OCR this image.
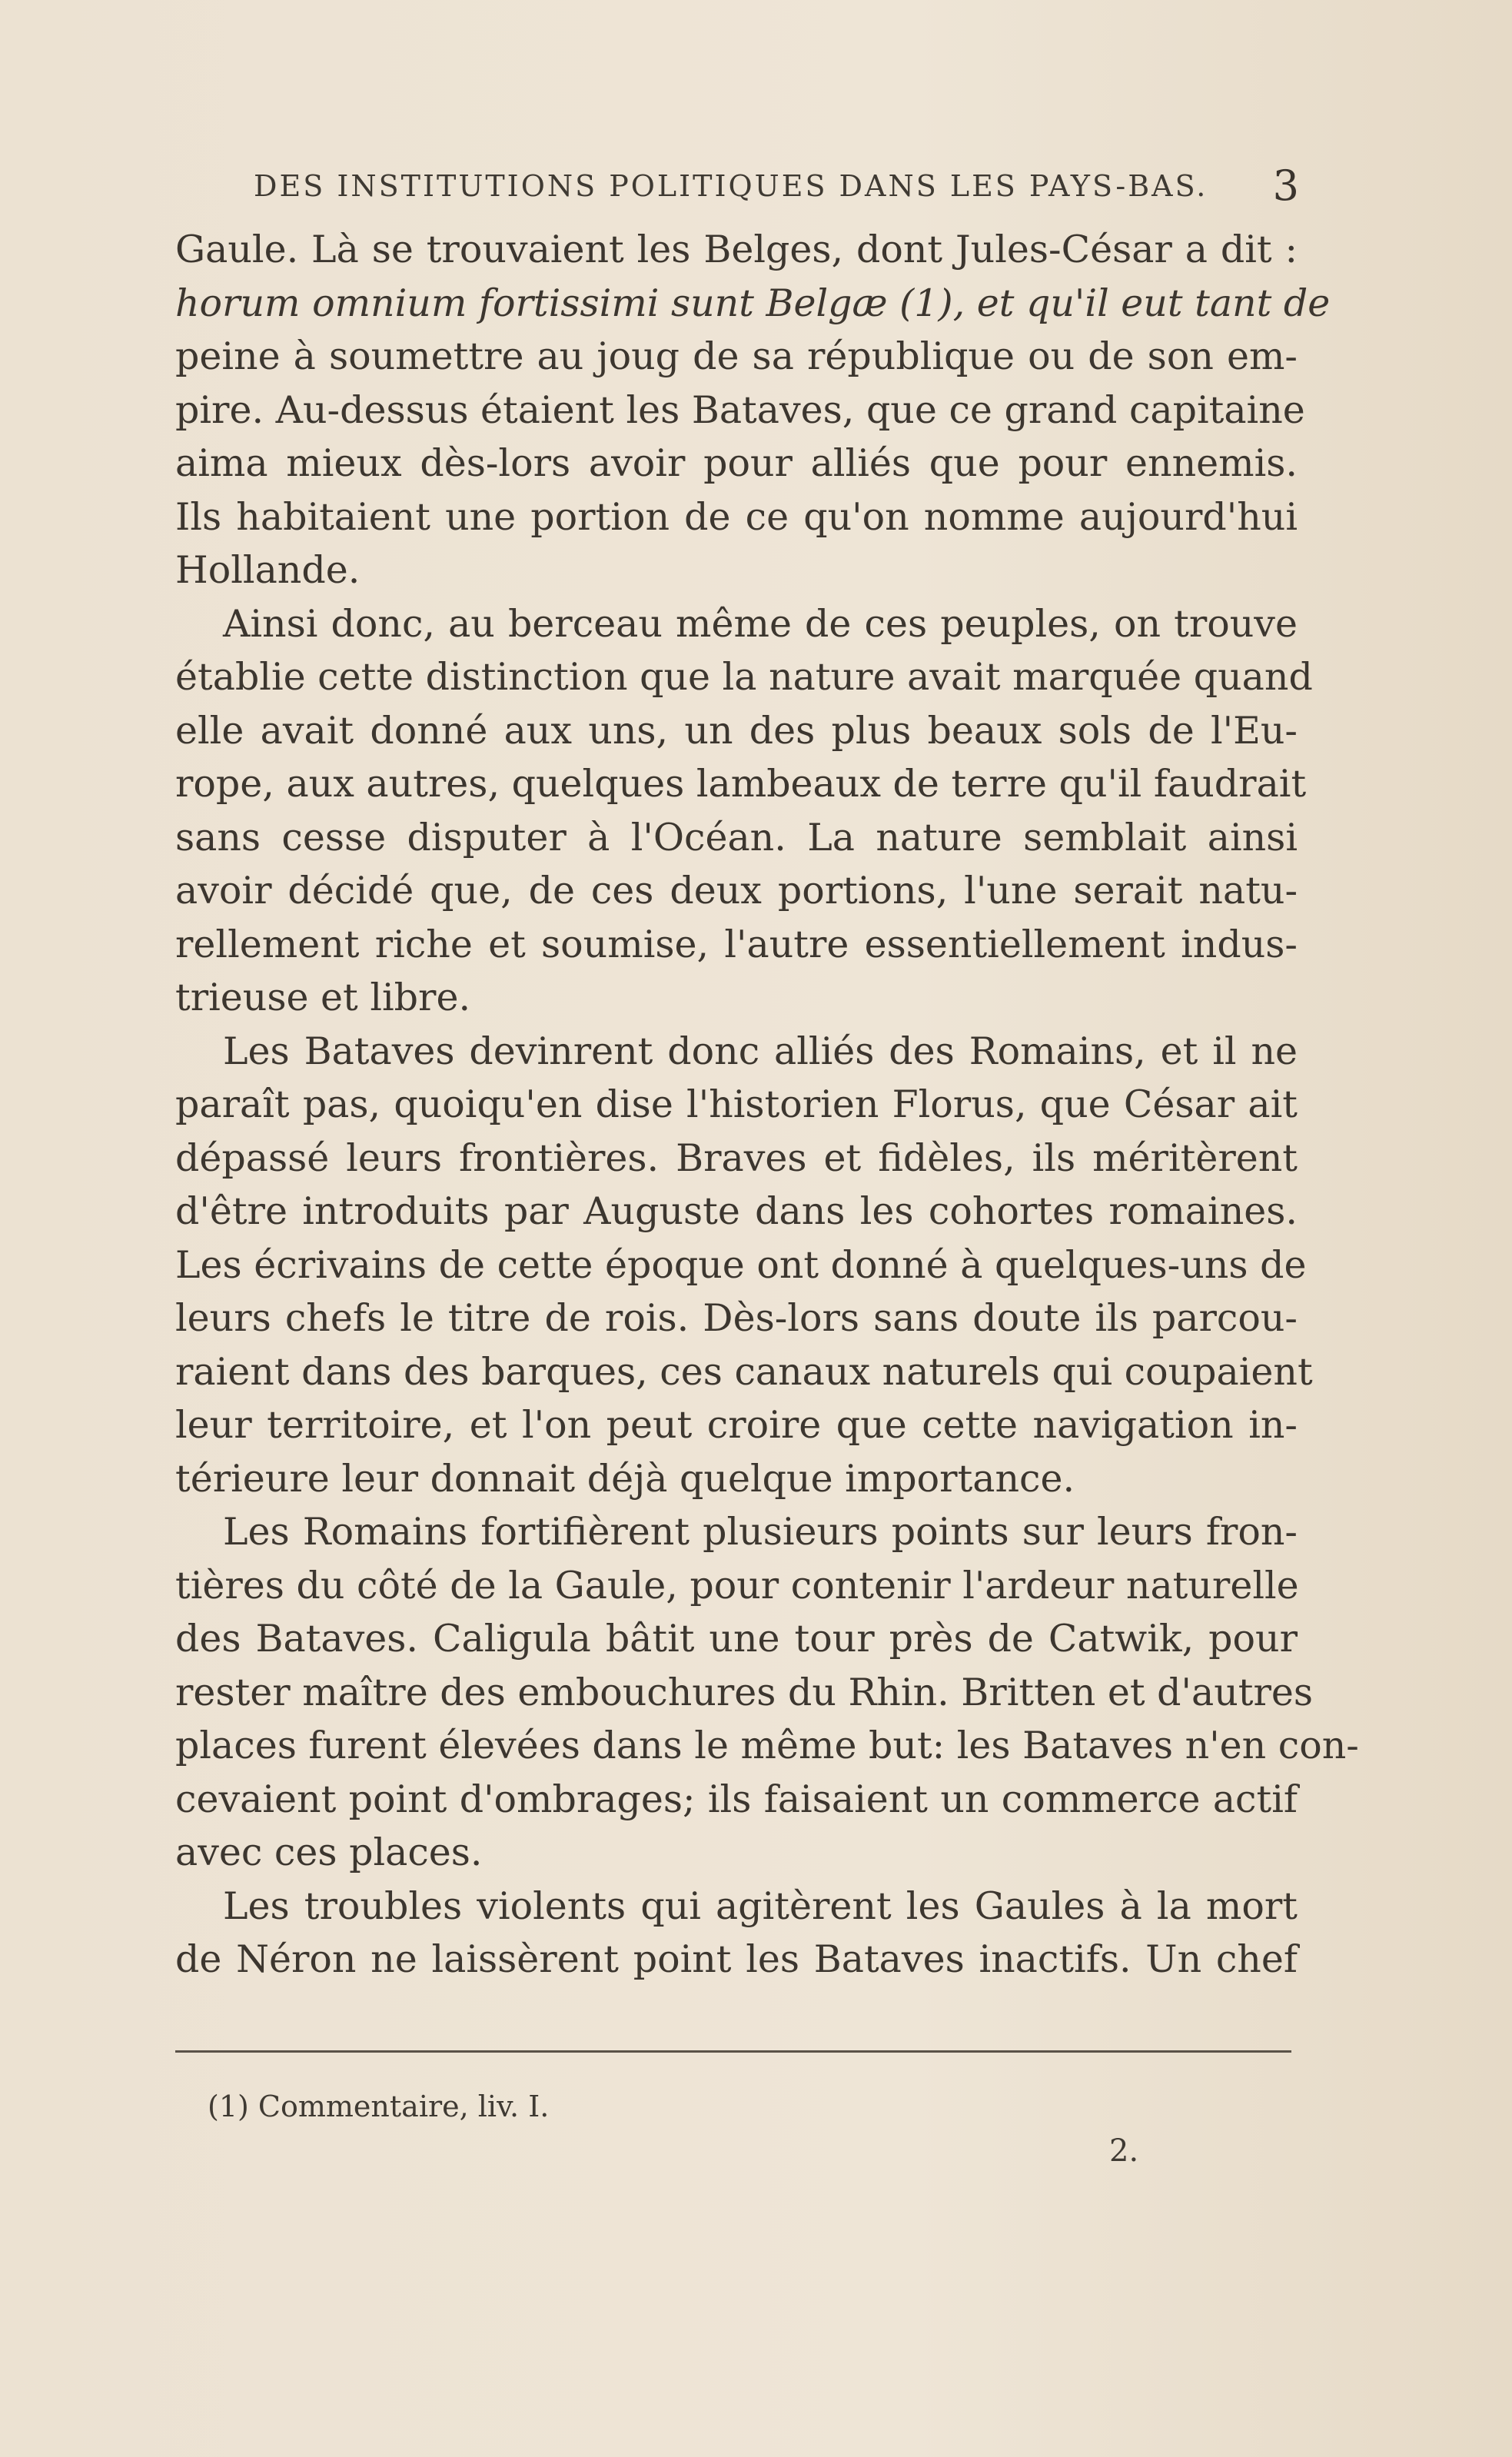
DES INSTITUTIONS POLITIQUES DANS LES PAYS-BAS. 3
Gaule. Là se trouvaient les Belges, dont Jules-César a dit :
horum omnium fortissimi sunt Belgæ (1), et qu'il eut tant de
peine à soumettre au joug de sa république ou de son em-
pire. Au-dessus étaient les Bataves, que ce grand capitaine
aima mieux dès-lors avoir pour alliés que pour ennemis.
Ils habitaient une portion de ce qu'on nomme aujourd'hui
Hollande.
Ainsi donc, au berceau même de ces peuples, on trouve
établie cette distinction que la nature avait marquée quand
elle avait donné aux uns, un des plus beaux sols de l'Eu-
rope, aux autres, quelques lambeaux de terre qu'il faudrait
sans cesse disputer à l'Océan. La nature semblait ainsi
avoir décidé que, de ces deux portions, l'une serait natu-
rellement riche et soumise, l'autre essentiellement indus-
trieuse et libre.
Les Bataves devinrent donc alliés des Romains, et il ne
paraît pas, quoiqu'en dise l'historien Florus, que César ait
dépassé leurs frontières. Braves et fidèles, ils méritèrent
d'être introduits par Auguste dans les cohortes romaines.
Les écrivains de cette époque ont donné à quelques-uns de
leurs chefs le titre de rois. Dès-lors sans doute ils parcou-
raient dans des barques, ces canaux naturels qui coupaient
leur territoire, et l'on peut croire que cette navigation in-
térieure leur donnait déjà quelque importance.
Les Romains fortifièrent plusieurs points sur leurs fron-
tières du côté de la Gaule, pour contenir l'ardeur naturelle
des Bataves. Caligula bâtit une tour près de Catwik, pour
rester maître des embouchures du Rhin. Britten et d'autres
places furent élevées dans le même but: les Bataves n'en con-
cevaient point d'ombrages; ils faisaient un commerce actif
avec ces places.
Les troubles violents qui agitèrent les Gaules à la mort
de Néron ne laissèrent point les Bataves inactifs. Un chef
(1) Commentaire, liv. I.
2.
